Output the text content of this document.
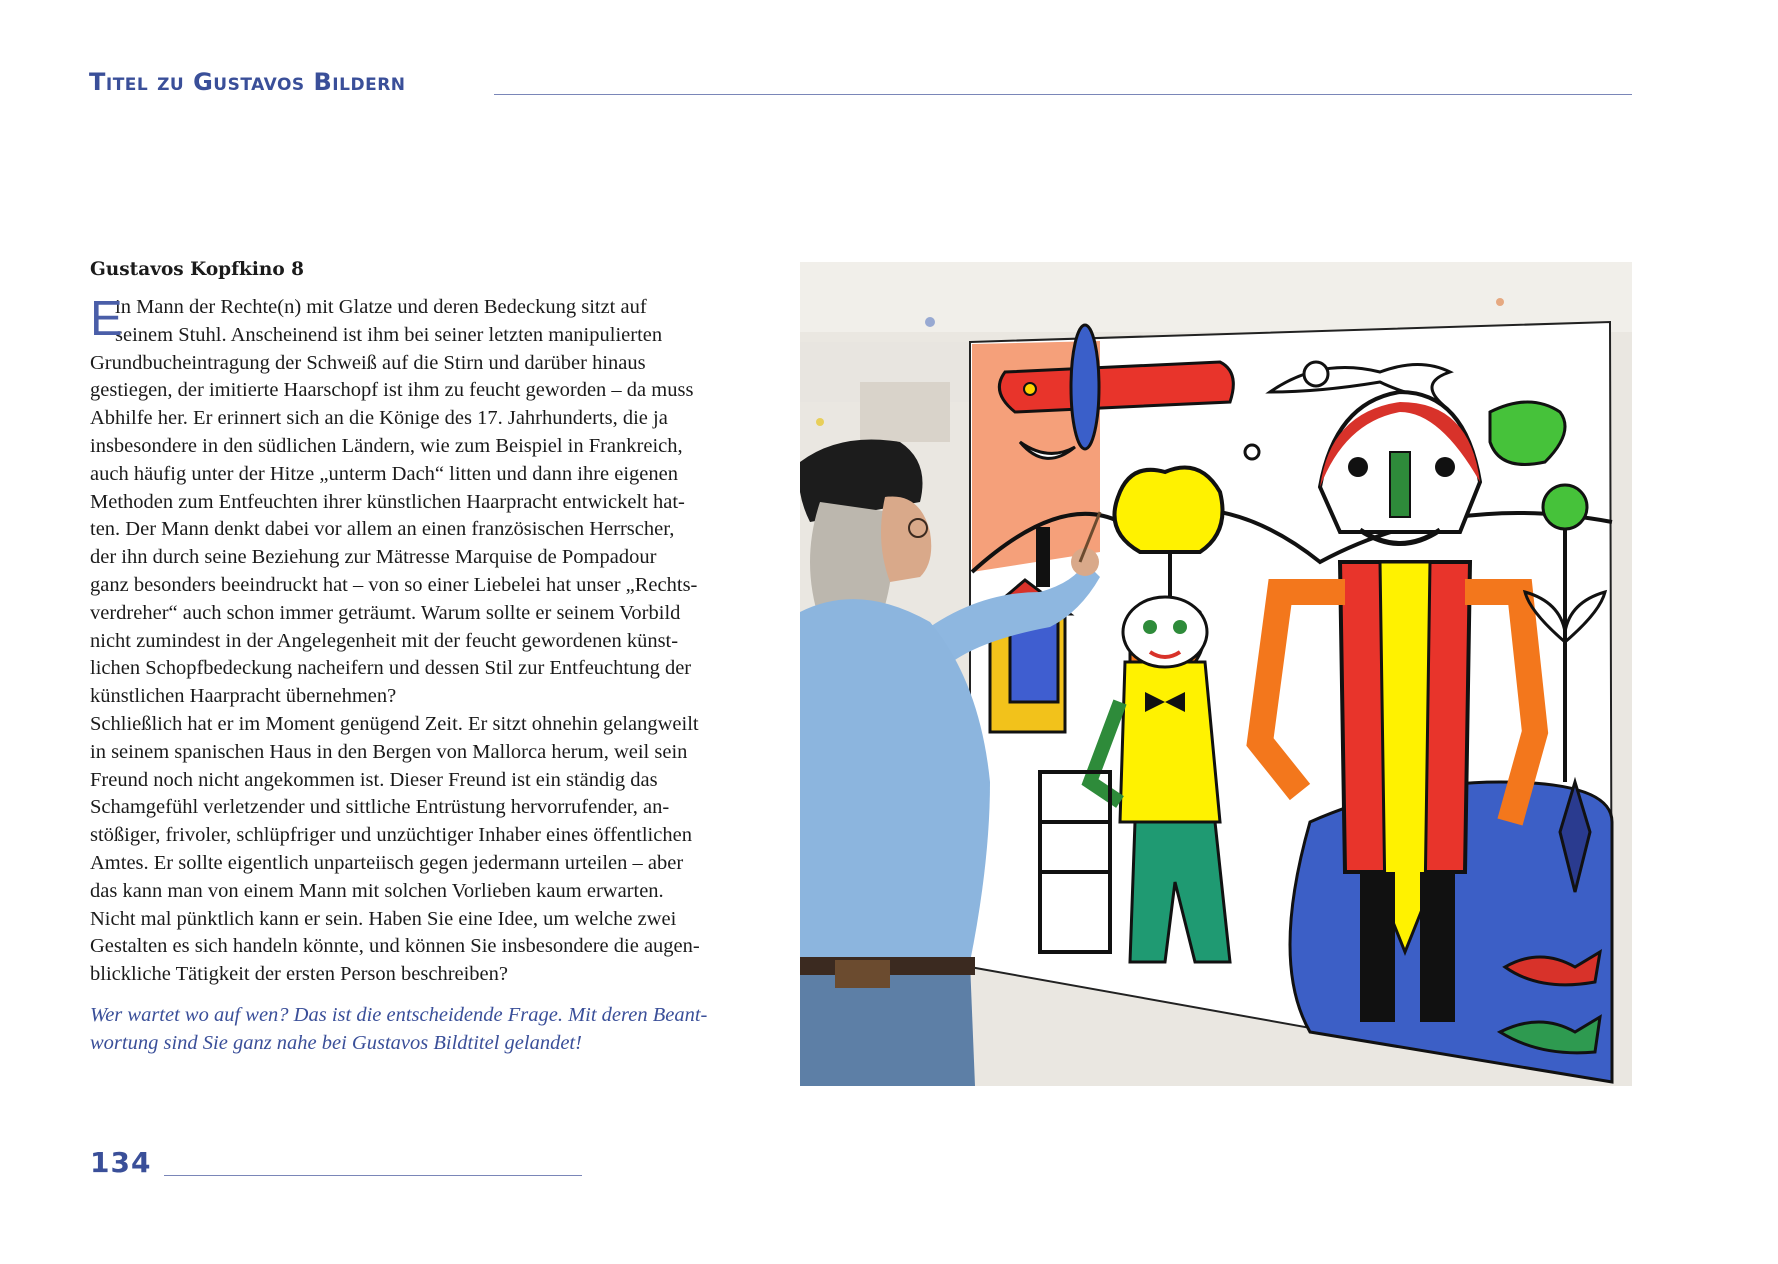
Titel zu Gustavos Bildern
Gustavos Kopfkino 8
E
in Mann der Rechte(n) mit Glatze und deren Bedeckung sitzt auf
seinem Stuhl. Anscheinend ist ihm bei seiner letzten manipulierten
Grundbucheintragung der Schweiß auf die Stirn und darüber hinaus
gestiegen, der imitierte Haarschopf ist ihm zu feucht geworden – da muss
Abhilfe her. Er erinnert sich an die Könige des 17. Jahrhunderts, die ja
insbesondere in den südlichen Ländern, wie zum Beispiel in Frankreich,
auch häufig unter der Hitze „unterm Dach“ litten und dann ihre eigenen
Methoden zum Entfeuchten ihrer künstlichen Haarpracht entwickelt hat-
ten. Der Mann denkt dabei vor allem an einen französischen Herrscher,
der ihn durch seine Beziehung zur Mätresse Marquise de Pompadour
ganz besonders beeindruckt hat – von so einer Liebelei hat unser „Rechts-
verdreher“ auch schon immer geträumt. Warum sollte er seinem Vorbild
nicht zumindest in der Angelegenheit mit der feucht gewordenen künst-
lichen Schopfbedeckung nacheifern und dessen Stil zur Entfeuchtung der
künstlichen Haarpracht übernehmen?
Schließlich hat er im Moment genügend Zeit. Er sitzt ohnehin gelangweilt
in seinem spanischen Haus in den Bergen von Mallorca herum, weil sein
Freund noch nicht angekommen ist. Dieser Freund ist ein ständig das
Schamgefühl verletzender und sittliche Entrüstung hervorrufender, an-
stößiger, frivoler, schlüpfriger und unzüchtiger Inhaber eines öffentlichen
Amtes. Er sollte eigentlich unparteiisch gegen jedermann urteilen – aber
das kann man von einem Mann mit solchen Vorlieben kaum erwarten.
Nicht mal pünktlich kann er sein. Haben Sie eine Idee, um welche zwei
Gestalten es sich handeln könnte, und können Sie insbesondere die augen-
blickliche Tätigkeit der ersten Person beschreiben?
Wer wartet wo auf wen? Das ist die entscheidende Frage. Mit deren Beant-
wortung sind Sie ganz nahe bei Gustavos Bildtitel gelandet!
134
